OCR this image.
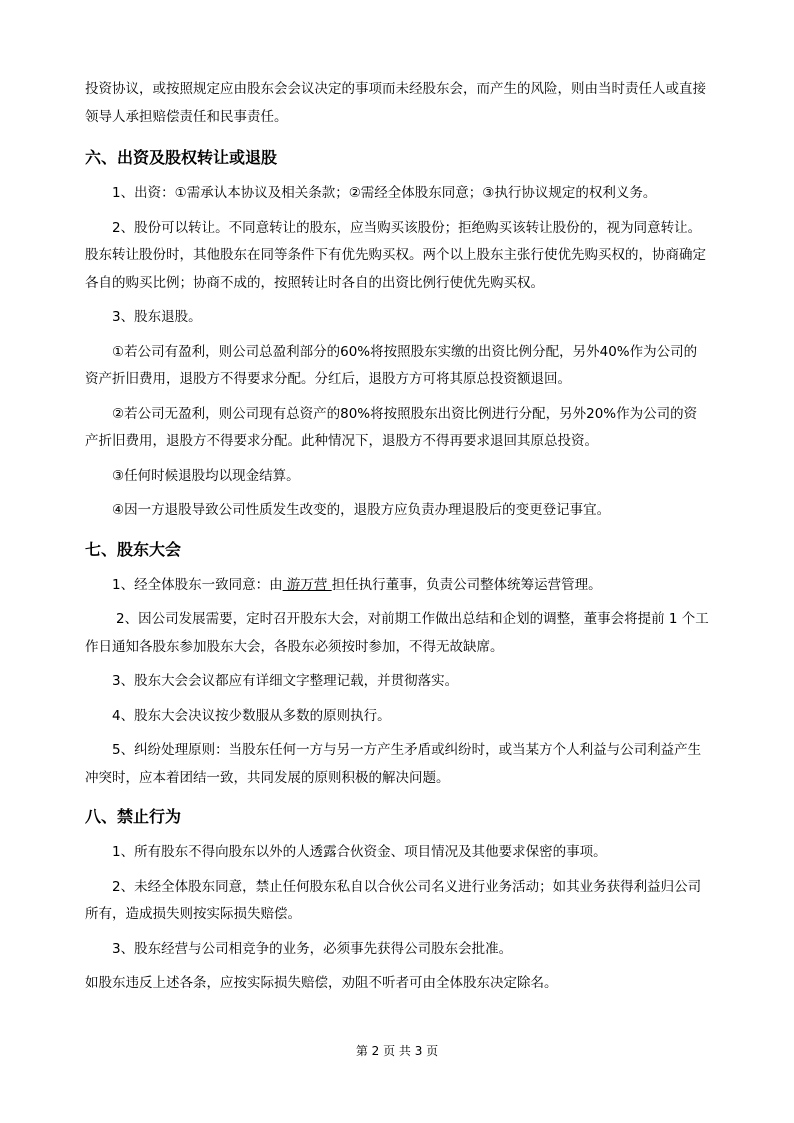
投资协议，或按照规定应由股东会会议决定的事项而未经股东会，而产生的风险，则由当时责任人或直接领导人承担赔偿责任和民事责任。

六、出资及股权转让或退股

1、出资：①需承认本协议及相关条款；②需经全体股东同意；③执行协议规定的权利义务。

2、股份可以转让。不同意转让的股东，应当购买该股份；拒绝购买该转让股份的，视为同意转让。股东转让股份时，其他股东在同等条件下有优先购买权。两个以上股东主张行使优先购买权的，协商确定各自的购买比例；协商不成的，按照转让时各自的出资比例行使优先购买权。

3、股东退股。

①若公司有盈利，则公司总盈利部分的60%将按照股东实缴的出资比例分配，另外40%作为公司的资产折旧费用，退股方不得要求分配。分红后，退股方方可将其原总投资额退回。

②若公司无盈利，则公司现有总资产的80%将按照股东出资比例进行分配，另外20%作为公司的资产折旧费用，退股方不得要求分配。此种情况下，退股方不得再要求退回其原总投资。

③任何时候退股均以现金结算。

④因一方退股导致公司性质发生改变的，退股方应负责办理退股后的变更登记事宜。

七、股东大会

1、经全体股东一致同意：由 游万营 担任执行董事，负责公司整体统筹运营管理。

2、因公司发展需要，定时召开股东大会，对前期工作做出总结和企划的调整，董事会将提前 1 个工作日通知各股东参加股东大会，各股东必须按时参加，不得无故缺席。

3、股东大会会议都应有详细文字整理记载，并贯彻落实。

4、股东大会决议按少数服从多数的原则执行。

5、纠纷处理原则：当股东任何一方与另一方产生矛盾或纠纷时，或当某方个人利益与公司利益产生冲突时，应本着团结一致，共同发展的原则积极的解决问题。

八、禁止行为

1、所有股东不得向股东以外的人透露合伙资金、项目情况及其他要求保密的事项。

2、未经全体股东同意，禁止任何股东私自以合伙公司名义进行业务活动；如其业务获得利益归公司所有，造成损失则按实际损失赔偿。

3、股东经营与公司相竞争的业务，必须事先获得公司股东会批准。

如股东违反上述各条，应按实际损失赔偿，劝阻不听者可由全体股东决定除名。

第 2 页 共 3 页
